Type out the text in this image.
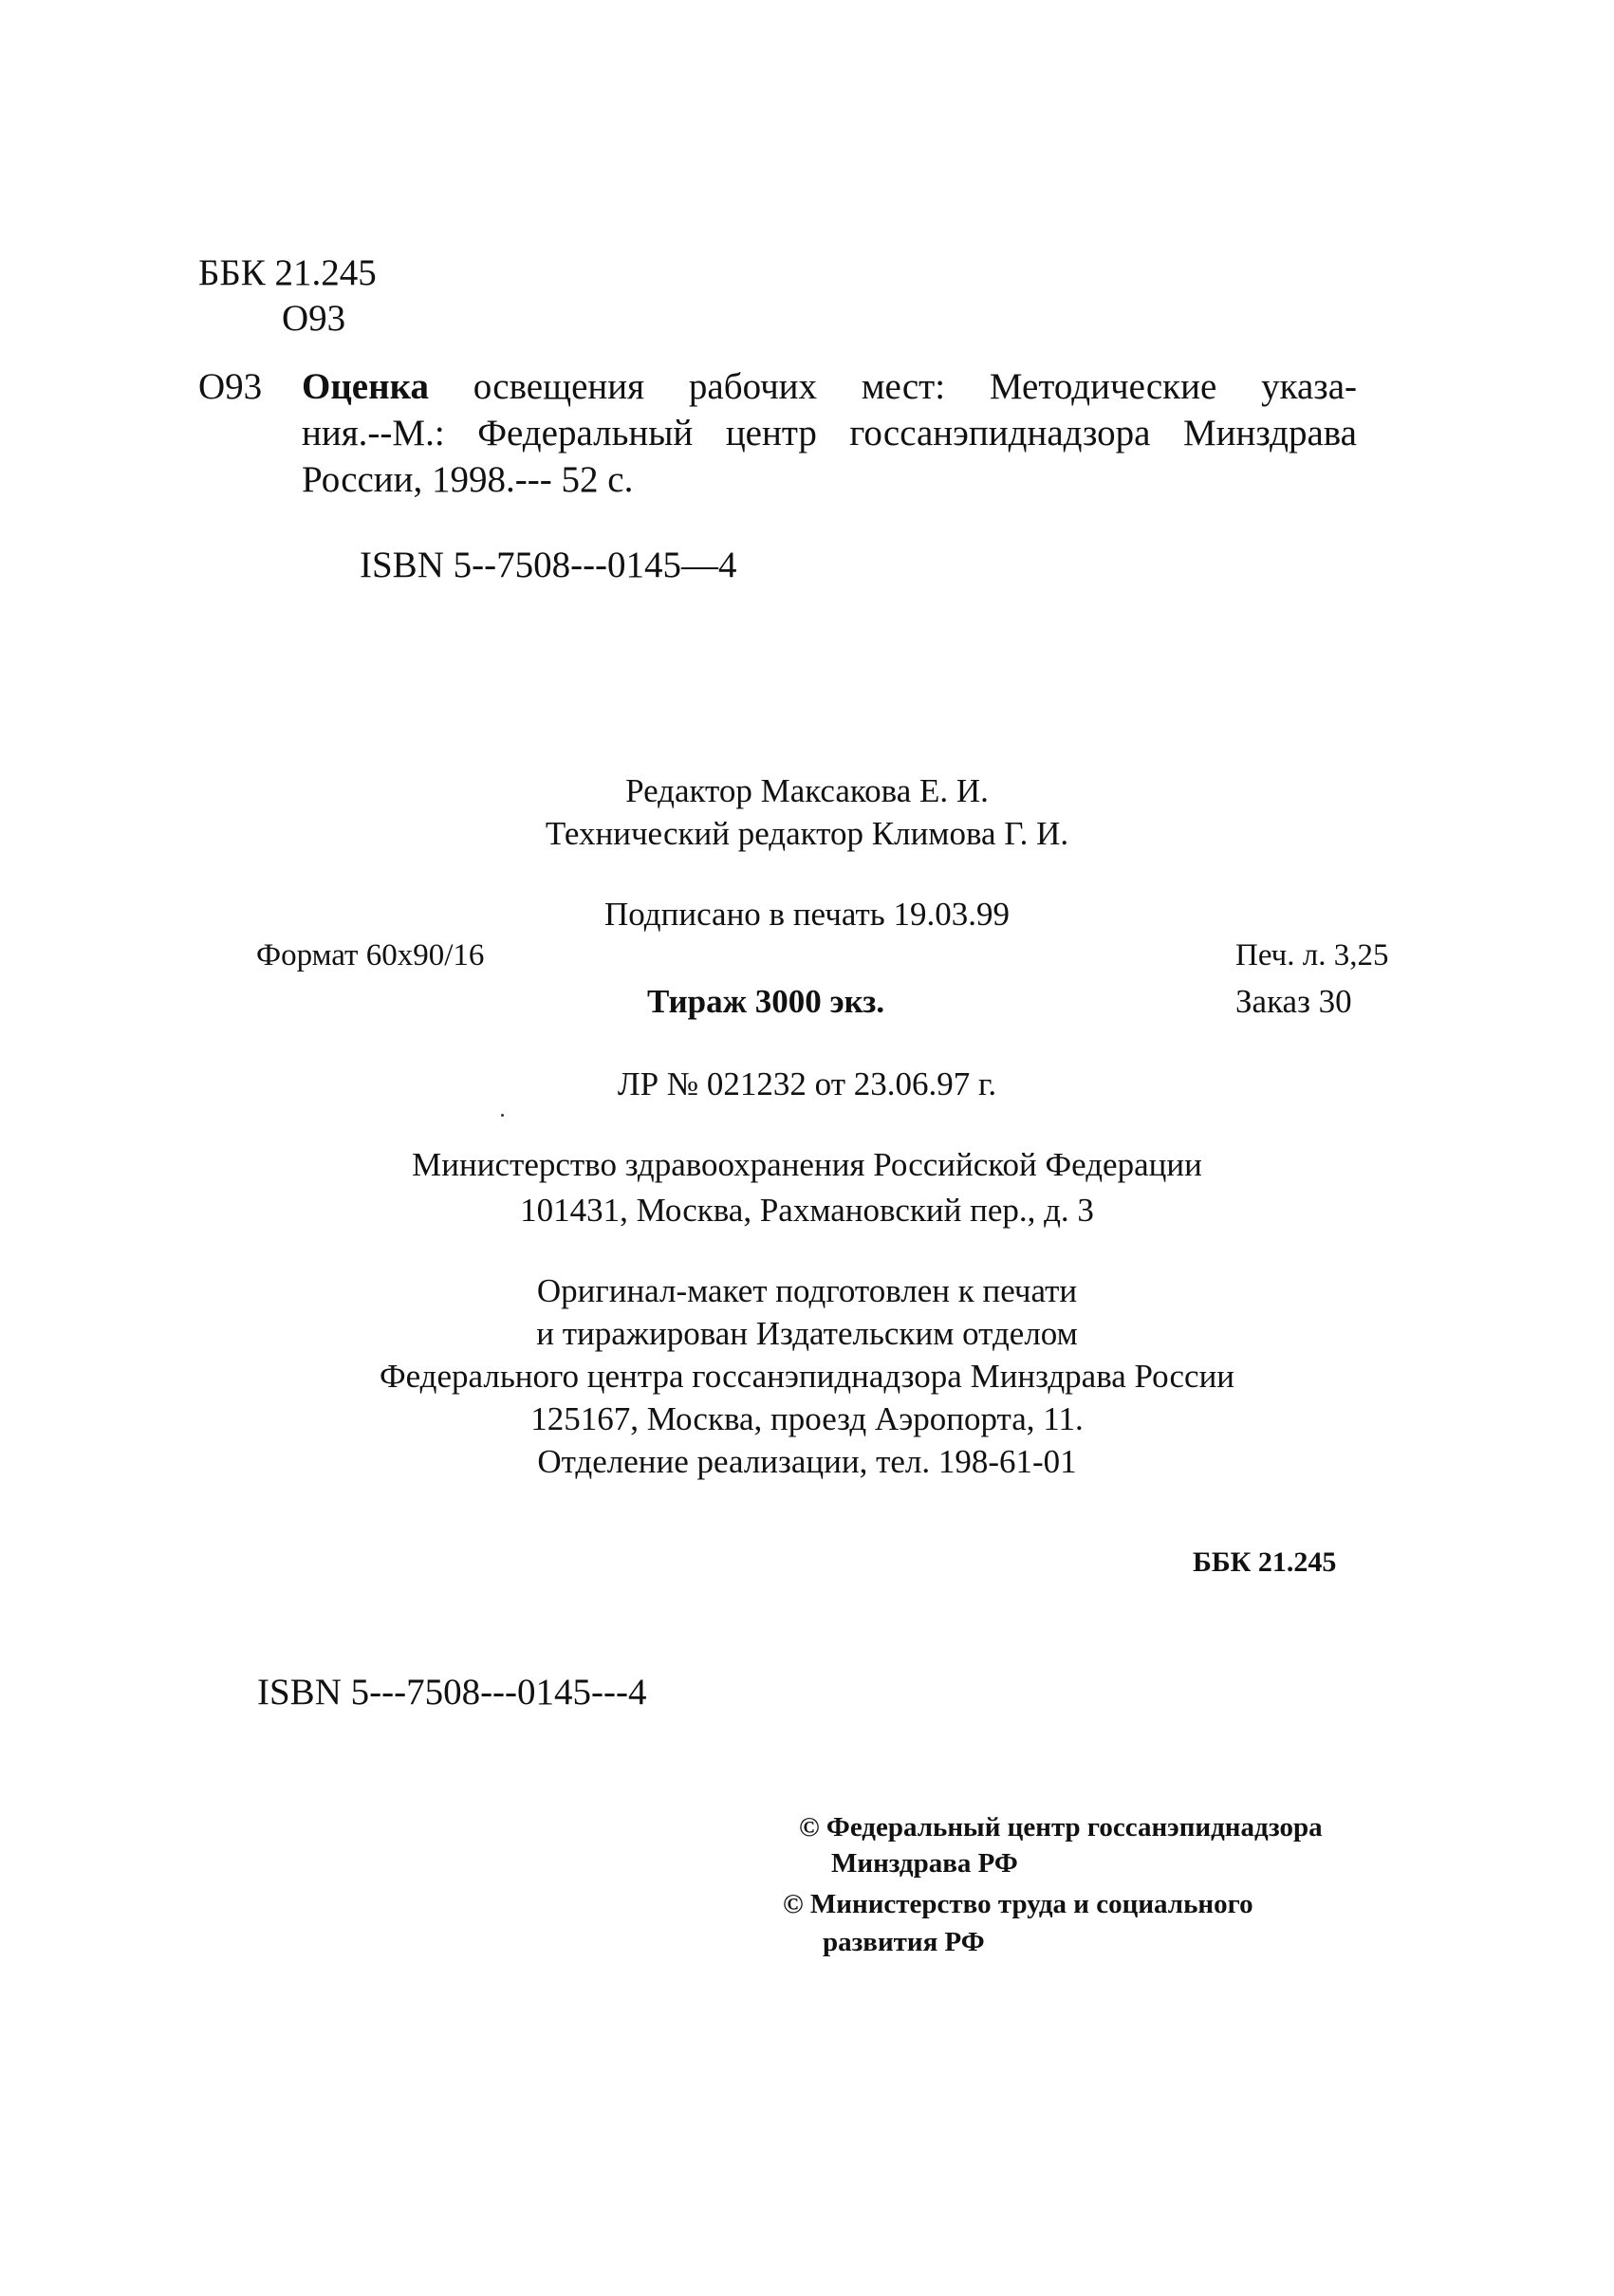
ББК 21.245
О93
О93 Оценка освещения рабочих мест: Методические указа-
ния.--М.: Федеральный центр госсанэпиднадзора Минздрава
России, 1998.--- 52 с.
ISBN 5--7508---0145—4
Редактор Максакова Е. И.
Технический редактор Климова Г. И.
Подписано в печать 19.03.99
Формат 60х90/16	Печ. л. 3,25
Тираж 3000 экз.	Заказ 30
ЛР № 021232 от 23.06.97 г.
Министерство здравоохранения Российской Федерации
101431, Москва, Рахмановский пер., д. 3
Оригинал-макет подготовлен к печати
и тиражирован Издательским отделом
Федерального центра госсанэпиднадзора Минздрава России
125167, Москва, проезд Аэропорта, 11.
Отделение реализации, тел. 198-61-01
ББК 21.245
ISBN 5---7508---0145---4
© Федеральный центр госсанэпиднадзора
Минздрава РФ
© Министерство труда и социального
развития РФ
